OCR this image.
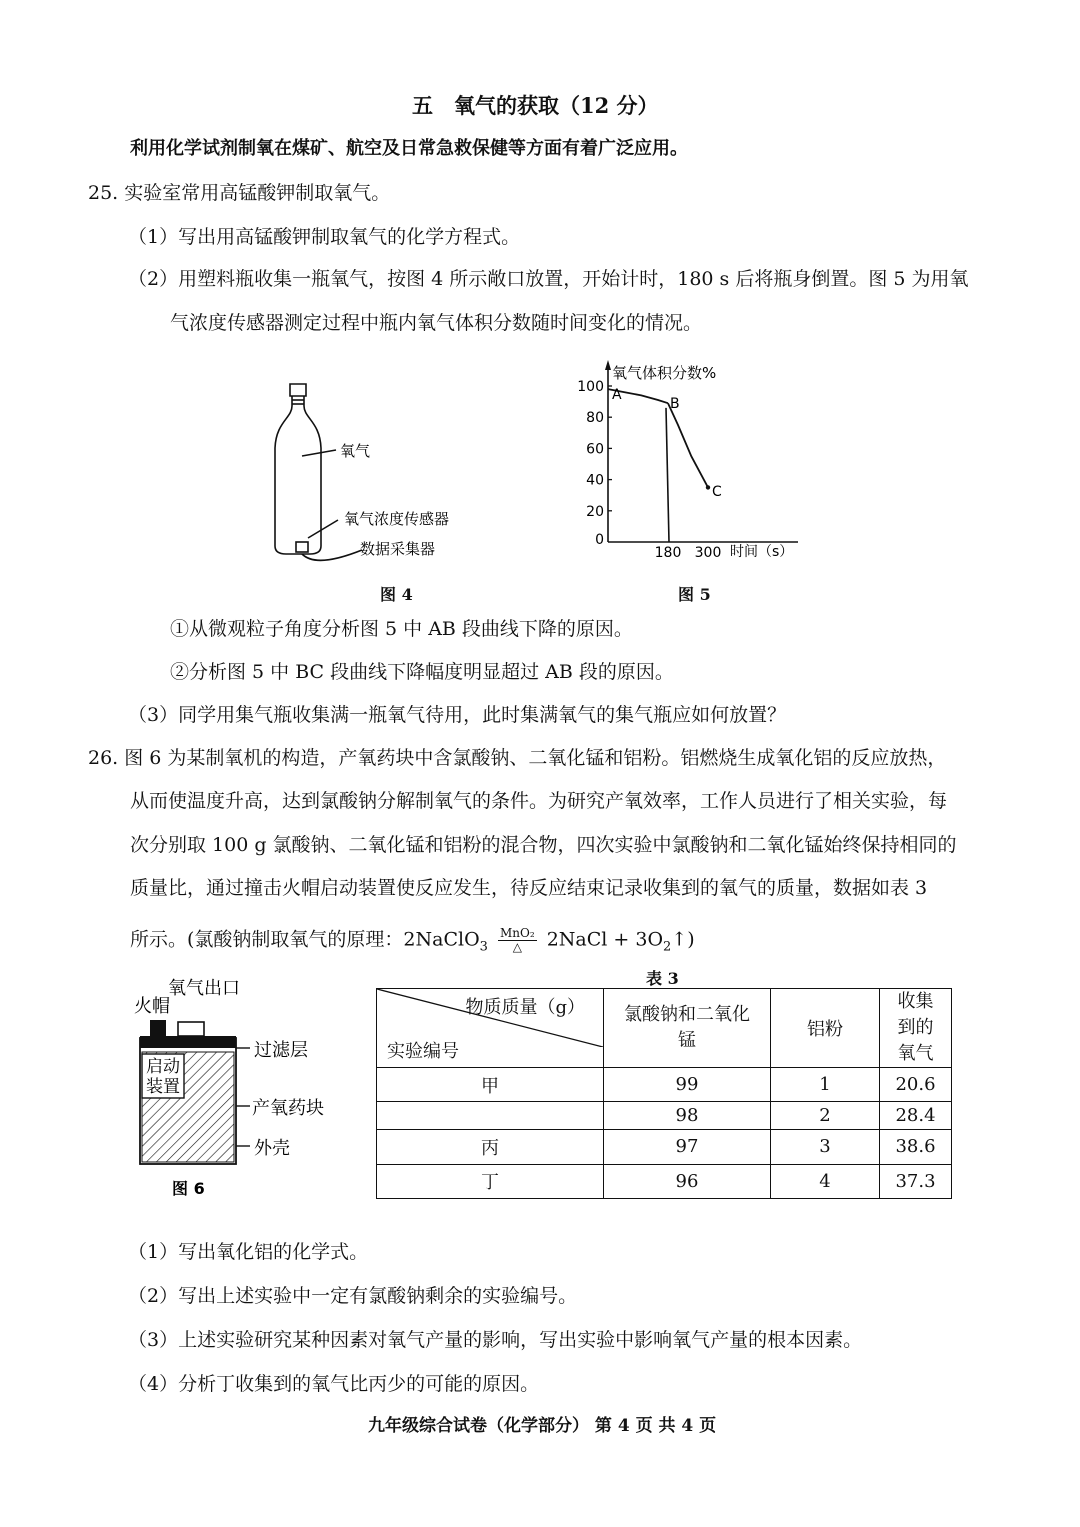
五　氧气的获取（12 分）
利用化学试剂制氧在煤矿、航空及日常急救保健等方面有着广泛应用。
25. 实验室常用高锰酸钾制取氧气。
（1）写出用高锰酸钾制取氧气的化学方程式。
（2）用塑料瓶收集一瓶氧气，按图 4 所示敞口放置，开始计时，180 s 后将瓶身倒置。图 5 为用氧
气浓度传感器测定过程中瓶内氧气体积分数随时间变化的情况。
氧气
氧气浓度传感器
数据采集器
图 4
0
20
40
60
80
100
180 300
氧气体积分数%
A
B
C
时间（s）
图 5
①从微观粒子角度分析图 5 中 AB 段曲线下降的原因。
②分析图 5 中 BC 段曲线下降幅度明显超过 AB 段的原因。
（3）同学用集气瓶收集满一瓶氧气待用，此时集满氧气的集气瓶应如何放置？
26. 图 6 为某制氧机的构造，产氧药块中含氯酸钠、二氧化锰和铝粉。铝燃烧生成氧化铝的反应放热，
从而使温度升高，达到氯酸钠分解制氧气的条件。为研究产氧效率，工作人员进行了相关实验，每
次分别取 100 g 氯酸钠、二氧化锰和铝粉的混合物，四次实验中氯酸钠和二氧化锰始终保持相同的
质量比，通过撞击火帽启动装置使反应发生，待反应结束记录收集到的氧气的质量，数据如表 3
所示。(氯酸钠制取氧气的原理：2NaClO$_3$ $\frac{\text{MnO₂}}{\triangle}$ 2NaCl + $3O_2↑$)
氧气出口
火帽
过滤层
启动
装置
产氧药块
外壳
图 6
表 3
物质质量（g）
实验编号	氯酸钠和二氧化锰	铝粉	收集到的氧气
甲	99	1	20.6
	98	2	28.4
丙	97	3	38.6
丁	96	4	37.3
（1）写出氧化铝的化学式。
（2）写出上述实验中一定有氯酸钠剩余的实验编号。
（3）上述实验研究某种因素对氧气产量的影响，写出实验中影响氧气产量的根本因素。
（4）分析丁收集到的氧气比丙少的可能的原因。
九年级综合试卷（化学部分） 第 4 页 共 4 页
